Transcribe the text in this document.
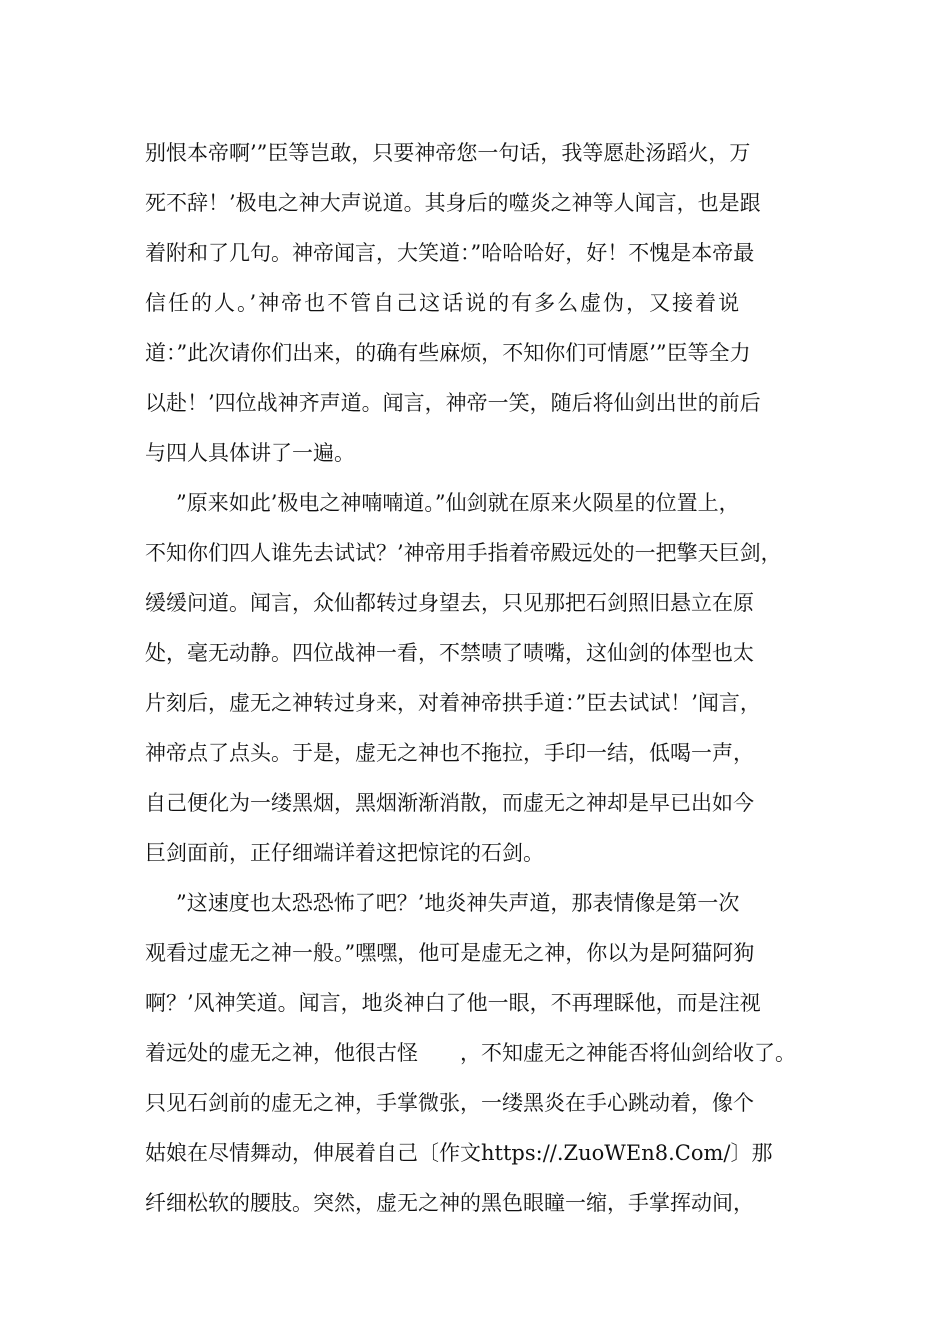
别恨本帝啊’”臣等岂敢，只要神帝您一句话，我等愿赴汤蹈火，万
死不辞！’极电之神大声说道。其身后的噬炎之神等人闻言，也是跟
着附和了几句。神帝闻言，大笑道：”哈哈哈好，好！不愧是本帝最
信任的人。’神帝也不管自己这话说的有多么虚伪，又接着说
道：”此次请你们出来，的确有些麻烦，不知你们可情愿’”臣等全力
以赴！’四位战神齐声道。闻言，神帝一笑，随后将仙剑出世的前后
与四人具体讲了一遍。
”原来如此’极电之神喃喃道。”仙剑就在原来火陨星的位置上，
不知你们四人谁先去试试？’神帝用手指着帝殿远处的一把擎天巨剑，
缓缓问道。闻言，众仙都转过身望去，只见那把石剑照旧悬立在原
处，毫无动静。四位战神一看，不禁啧了啧嘴，这仙剑的体型也太
片刻后，虚无之神转过身来，对着神帝拱手道：”臣去试试！’闻言，
神帝点了点头。于是，虚无之神也不拖拉，手印一结，低喝一声，
自己便化为一缕黑烟，黑烟渐渐消散，而虚无之神却是早已出如今
巨剑面前，正仔细端详着这把惊诧的石剑。
”这速度也太恐恐怖了吧？’地炎神失声道，那表情像是第一次
观看过虚无之神一般。”嘿嘿，他可是虚无之神，你以为是阿猫阿狗
啊？’风神笑道。闻言，地炎神白了他一眼，不再理睬他，而是注视
着远处的虚无之神，他很古怪　　，不知虚无之神能否将仙剑给收了。
只见石剑前的虚无之神，手掌微张，一缕黑炎在手心跳动着，像个
姑娘在尽情舞动，伸展着自己〔作文https://.ZuoWEn8.Com/〕那
纤细松软的腰肢。突然，虚无之神的黑色眼瞳一缩，手掌挥动间，
